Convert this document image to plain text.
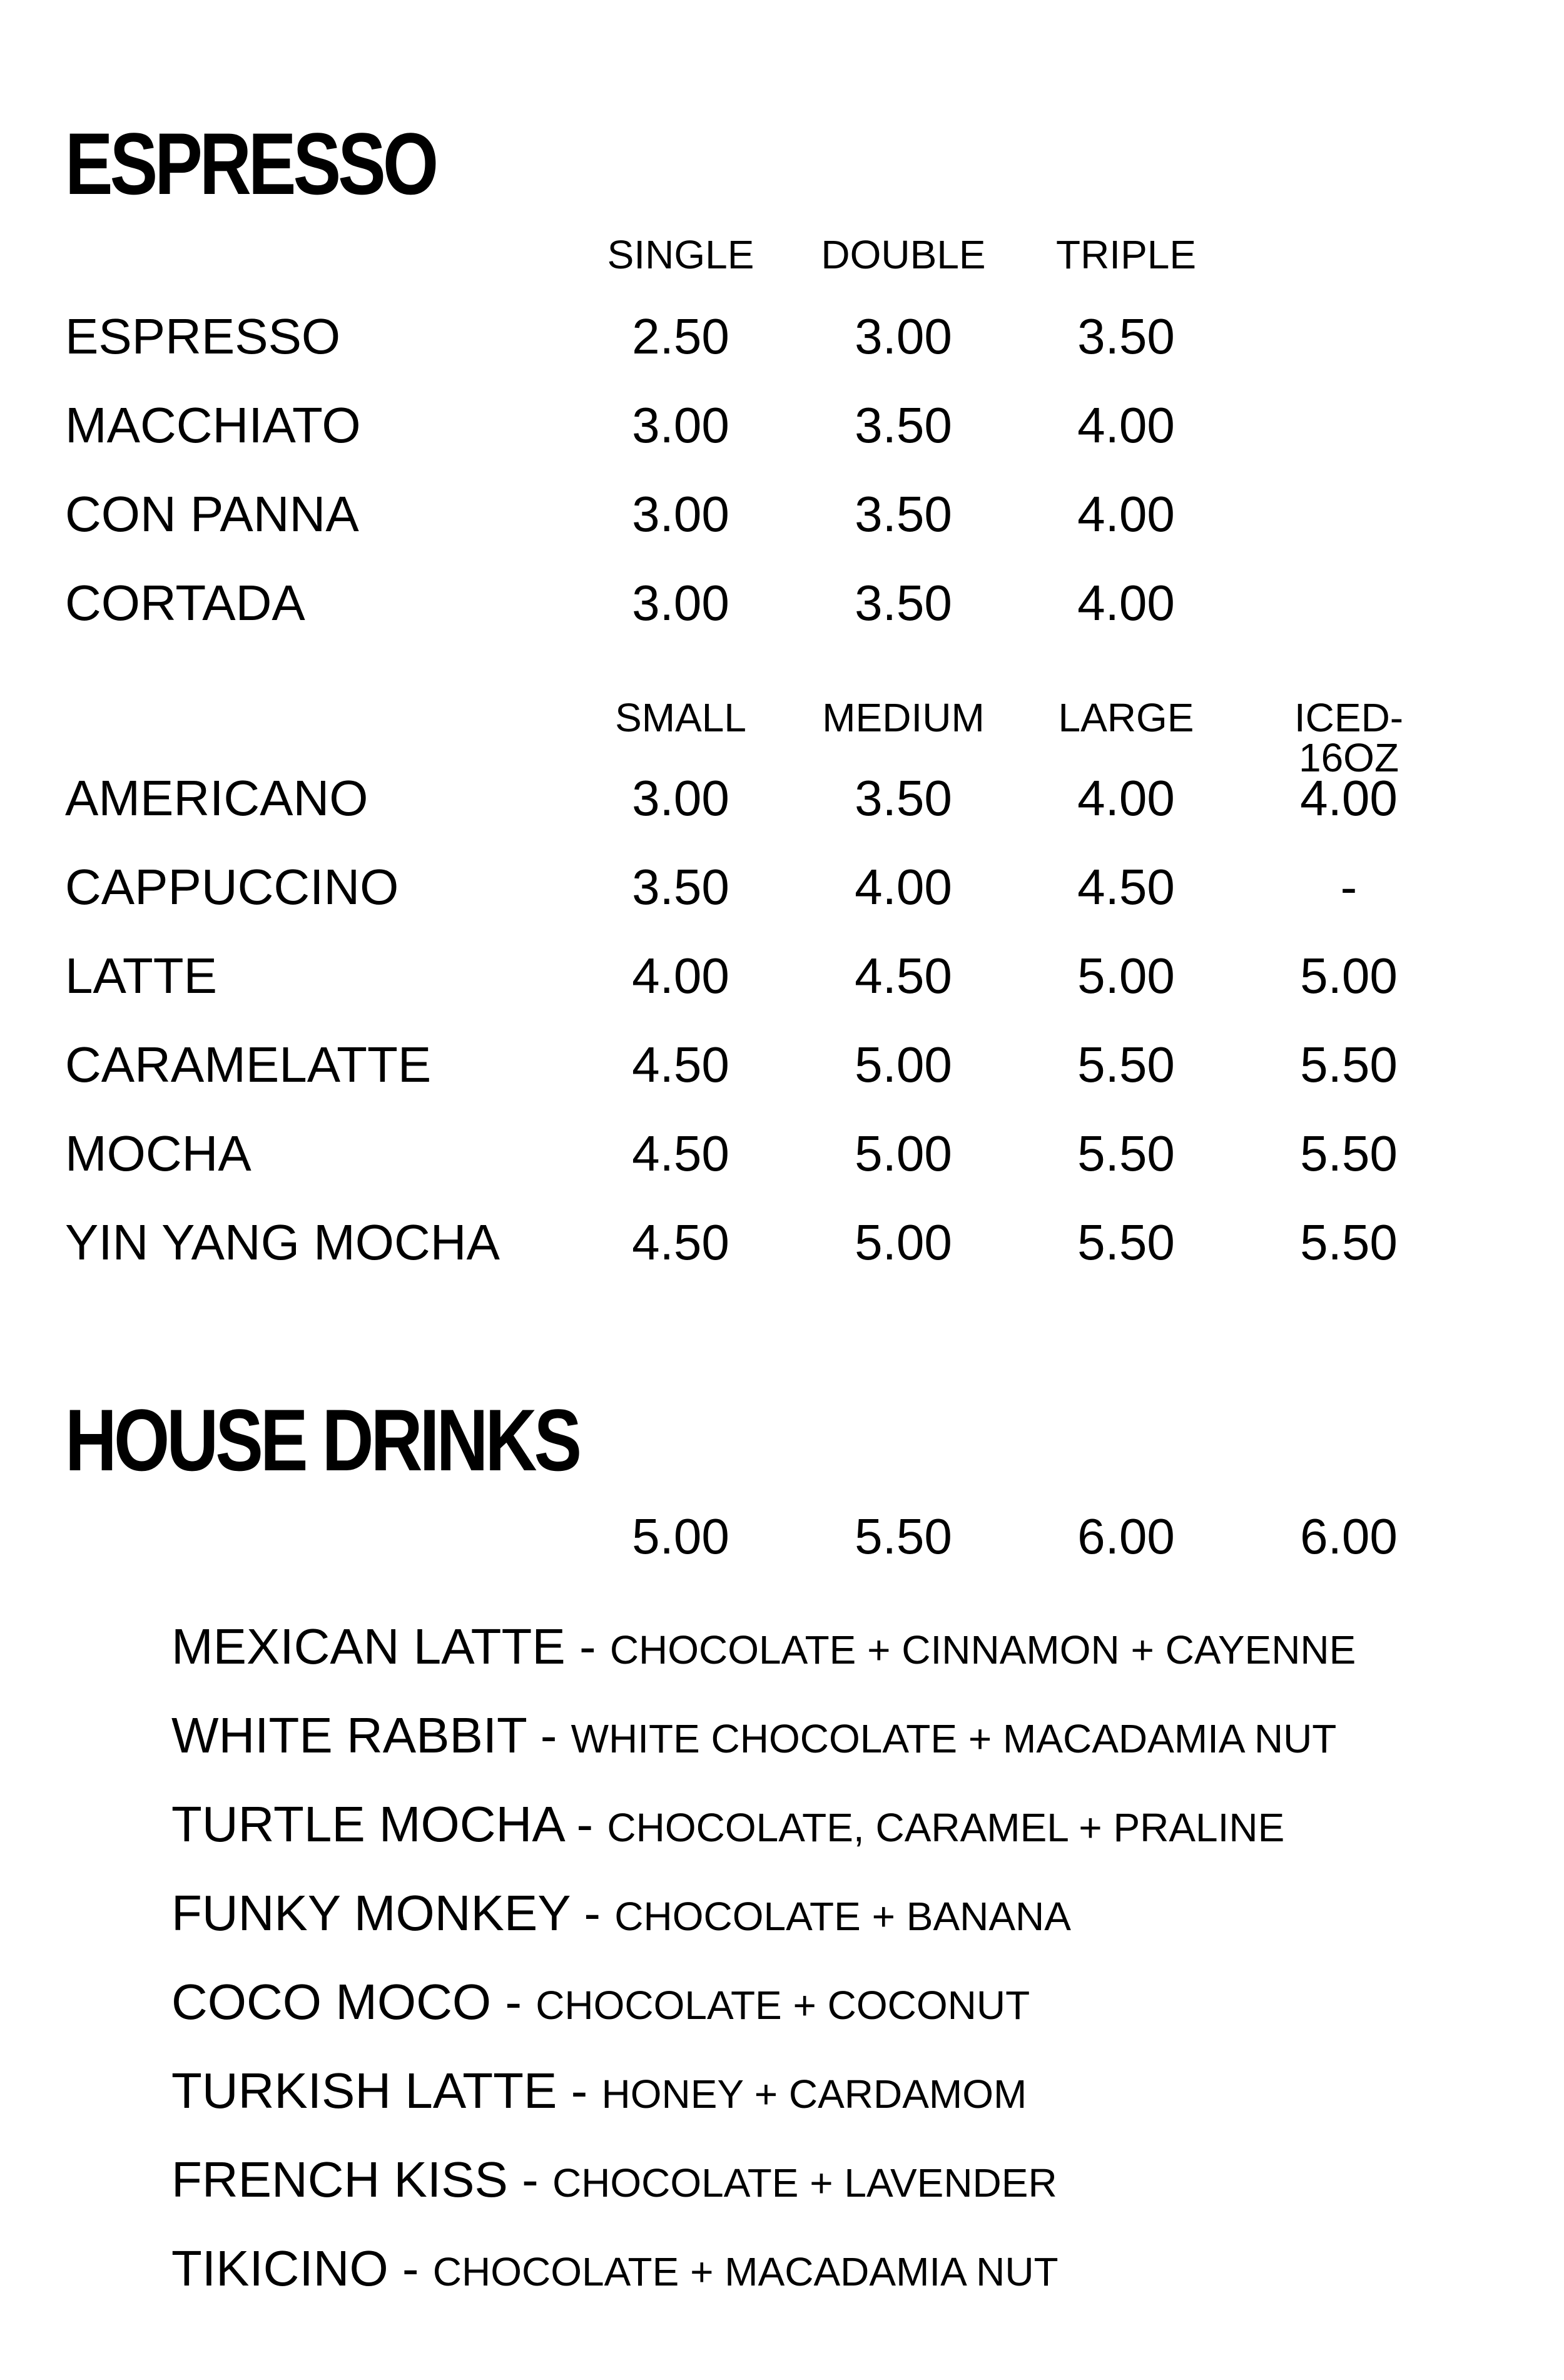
ESPRESSO
SINGLE	DOUBLE	TRIPLE
ESPRESSO	2.50	3.00	3.50
MACCHIATO	3.00	3.50	4.00
CON PANNA	3.00	3.50	4.00
CORTADA	3.00	3.50	4.00
SMALL	MEDIUM	LARGE	ICED-16OZ
AMERICANO	3.00	3.50	4.00	4.00
CAPPUCCINO	3.50	4.00	4.50	-
LATTE	4.00	4.50	5.00	5.00
CARAMELATTE	4.50	5.00	5.50	5.50
MOCHA	4.50	5.00	5.50	5.50
YIN YANG MOCHA	4.50	5.00	5.50	5.50
HOUSE DRINKS
5.00	5.50	6.00	6.00
MEXICAN LATTE - CHOCOLATE + CINNAMON + CAYENNE
WHITE RABBIT - WHITE CHOCOLATE + MACADAMIA NUT
TURTLE MOCHA - CHOCOLATE, CARAMEL + PRALINE
FUNKY MONKEY - CHOCOLATE + BANANA
COCO MOCO - CHOCOLATE + COCONUT
TURKISH LATTE - HONEY + CARDAMOM
FRENCH KISS - CHOCOLATE + LAVENDER
TIKICINO - CHOCOLATE + MACADAMIA NUT
